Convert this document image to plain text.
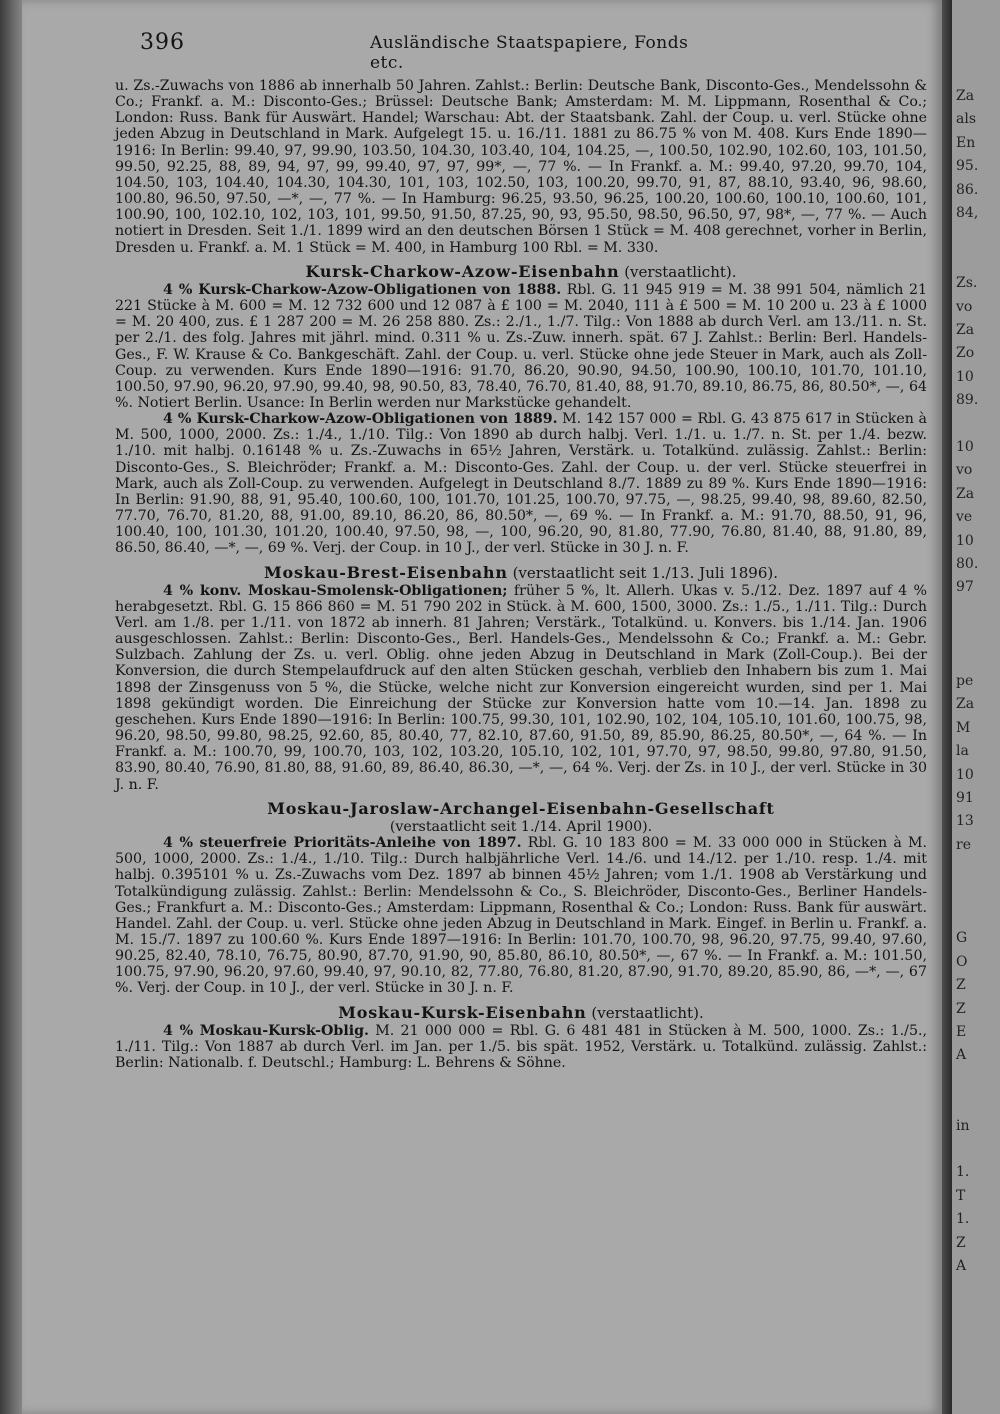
396	Ausländische Staatspapiere, Fonds etc.

u. Zs.-Zuwachs von 1886 ab innerhalb 50 Jahren. Zahlst.: Berlin: Deutsche Bank, Disconto-Ges., Mendelssohn & Co.; Frankf. a. M.: Disconto-Ges.; Brüssel: Deutsche Bank; Amsterdam: M. M. Lippmann, Rosenthal & Co.; London: Russ. Bank für Auswärt. Handel; Warschau: Abt. der Staatsbank. Zahl. der Coup. u. verl. Stücke ohne jeden Abzug in Deutschland in Mark. Aufgelegt 15. u. 16./11. 1881 zu 86.75 % von M. 408. Kurs Ende 1890—1916: In Berlin: 99.40, 97, 99.90, 103.50, 104.30, 103.40, 104, 104.25, —, 100.50, 102.90, 102.60, 103, 101.50, 99.50, 92.25, 88, 89, 94, 97, 99, 99.40, 97, 97, 99*, —, 77 %. — In Frankf. a. M.: 99.40, 97.20, 99.70, 104, 104.50, 103, 104.40, 104.30, 104.30, 101, 103, 102.50, 103, 100.20, 99.70, 91, 87, 88.10, 93.40, 96, 98.60, 100.80, 96.50, 97.50, —*, —, 77 %. — In Hamburg: 96.25, 93.50, 96.25, 100.20, 100.60, 100.10, 100.60, 101, 100.90, 100, 102.10, 102, 103, 101, 99.50, 91.50, 87.25, 90, 93, 95.50, 98.50, 96.50, 97, 98*, —, 77 %. — Auch notiert in Dresden. Seit 1./1. 1899 wird an den deutschen Börsen 1 Stück = M. 408 gerechnet, vorher in Berlin, Dresden u. Frankf. a. M. 1 Stück = M. 400, in Hamburg 100 Rbl. = M. 330.

Kursk-Charkow-Azow-Eisenbahn (verstaatlicht).

4 % Kursk-Charkow-Azow-Obligationen von 1888. Rbl. G. 11 945 919 = M. 38 991 504, nämlich 21 221 Stücke à M. 600 = M. 12 732 600 und 12 087 à £ 100 = M. 2040, 111 à £ 500 = M. 10 200 u. 23 à £ 1000 = M. 20 400, zus. £ 1 287 200 = M. 26 258 880. Zs.: 2./1., 1./7. Tilg.: Von 1888 ab durch Verl. am 13./11. n. St. per 2./1. des folg. Jahres mit jährl. mind. 0.311 % u. Zs.-Zuw. innerh. spät. 67 J. Zahlst.: Berlin: Berl. Handels-Ges., F. W. Krause & Co. Bankgeschäft. Zahl. der Coup. u. verl. Stücke ohne jede Steuer in Mark, auch als Zoll-Coup. zu verwenden. Kurs Ende 1890—1916: 91.70, 86.20, 90.90, 94.50, 100.90, 100.10, 101.70, 101.10, 100.50, 97.90, 96.20, 97.90, 99.40, 98, 90.50, 83, 78.40, 76.70, 81.40, 88, 91.70, 89.10, 86.75, 86, 80.50*, —, 64 %. Notiert Berlin. Usance: In Berlin werden nur Markstücke gehandelt.

4 % Kursk-Charkow-Azow-Obligationen von 1889. M. 142 157 000 = Rbl. G. 43 875 617 in Stücken à M. 500, 1000, 2000. Zs.: 1./4., 1./10. Tilg.: Von 1890 ab durch halbj. Verl. 1./1. u. 1./7. n. St. per 1./4. bezw. 1./10. mit halbj. 0.16148 % u. Zs.-Zuwachs in 65½ Jahren, Verstärk. u. Totalkünd. zulässig. Zahlst.: Berlin: Disconto-Ges., S. Bleichröder; Frankf. a. M.: Disconto-Ges. Zahl. der Coup. u. der verl. Stücke steuerfrei in Mark, auch als Zoll-Coup. zu verwenden. Aufgelegt in Deutschland 8./7. 1889 zu 89 %. Kurs Ende 1890—1916: In Berlin: 91.90, 88, 91, 95.40, 100.60, 100, 101.70, 101.25, 100.70, 97.75, —, 98.25, 99.40, 98, 89.60, 82.50, 77.70, 76.70, 81.20, 88, 91.00, 89.10, 86.20, 86, 80.50*, —, 69 %. — In Frankf. a. M.: 91.70, 88.50, 91, 96, 100.40, 100, 101.30, 101.20, 100.40, 97.50, 98, —, 100, 96.20, 90, 81.80, 77.90, 76.80, 81.40, 88, 91.80, 89, 86.50, 86.40, —*, —, 69 %. Verj. der Coup. in 10 J., der verl. Stücke in 30 J. n. F.

Moskau-Brest-Eisenbahn (verstaatlicht seit 1./13. Juli 1896).

4 % konv. Moskau-Smolensk-Obligationen; früher 5 %, lt. Allerh. Ukas v. 5./12. Dez. 1897 auf 4 % herabgesetzt. Rbl. G. 15 866 860 = M. 51 790 202 in Stück. à M. 600, 1500, 3000. Zs.: 1./5., 1./11. Tilg.: Durch Verl. am 1./8. per 1./11. von 1872 ab innerh. 81 Jahren; Verstärk., Totalkünd. u. Konvers. bis 1./14. Jan. 1906 ausgeschlossen. Zahlst.: Berlin: Disconto-Ges., Berl. Handels-Ges., Mendelssohn & Co.; Frankf. a. M.: Gebr. Sulzbach. Zahlung der Zs. u. verl. Oblig. ohne jeden Abzug in Deutschland in Mark (Zoll-Coup.). Bei der Konversion, die durch Stempelaufdruck auf den alten Stücken geschah, verblieb den Inhabern bis zum 1. Mai 1898 der Zinsgenuss von 5 %, die Stücke, welche nicht zur Konversion eingereicht wurden, sind per 1. Mai 1898 gekündigt worden. Die Einreichung der Stücke zur Konversion hatte vom 10.—14. Jan. 1898 zu geschehen. Kurs Ende 1890—1916: In Berlin: 100.75, 99.30, 101, 102.90, 102, 104, 105.10, 101.60, 100.75, 98, 96.20, 98.50, 99.80, 98.25, 92.60, 85, 80.40, 77, 82.10, 87.60, 91.50, 89, 85.90, 86.25, 80.50*, —, 64 %. — In Frankf. a. M.: 100.70, 99, 100.70, 103, 102, 103.20, 105.10, 102, 101, 97.70, 97, 98.50, 99.80, 97.80, 91.50, 83.90, 80.40, 76.90, 81.80, 88, 91.60, 89, 86.40, 86.30, —*, —, 64 %. Verj. der Zs. in 10 J., der verl. Stücke in 30 J. n. F.

Moskau-Jaroslaw-Archangel-Eisenbahn-Gesellschaft
(verstaatlicht seit 1./14. April 1900).

4 % steuerfreie Prioritäts-Anleihe von 1897. Rbl. G. 10 183 800 = M. 33 000 000 in Stücken à M. 500, 1000, 2000. Zs.: 1./4., 1./10. Tilg.: Durch halbjährliche Verl. 14./6. und 14./12. per 1./10. resp. 1./4. mit halbj. 0.395101 % u. Zs.-Zuwachs vom Dez. 1897 ab binnen 45½ Jahren; vom 1./1. 1908 ab Verstärkung und Totalkündigung zulässig. Zahlst.: Berlin: Mendelssohn & Co., S. Bleichröder, Disconto-Ges., Berliner Handels-Ges.; Frankfurt a. M.: Disconto-Ges.; Amsterdam: Lippmann, Rosenthal & Co.; London: Russ. Bank für auswärt. Handel. Zahl. der Coup. u. verl. Stücke ohne jeden Abzug in Deutschland in Mark. Eingef. in Berlin u. Frankf. a. M. 15./7. 1897 zu 100.60 %. Kurs Ende 1897—1916: In Berlin: 101.70, 100.70, 98, 96.20, 97.75, 99.40, 97.60, 90.25, 82.40, 78.10, 76.75, 80.90, 87.70, 91.90, 90, 85.80, 86.10, 80.50*, —, 67 %. — In Frankf. a. M.: 101.50, 100.75, 97.90, 96.20, 97.60, 99.40, 97, 90.10, 82, 77.80, 76.80, 81.20, 87.90, 91.70, 89.20, 85.90, 86, —*, —, 67 %. Verj. der Coup. in 10 J., der verl. Stücke in 30 J. n. F.

Moskau-Kursk-Eisenbahn (verstaatlicht).

4 % Moskau-Kursk-Oblig. M. 21 000 000 = Rbl. G. 6 481 481 in Stücken à M. 500, 1000. Zs.: 1./5., 1./11. Tilg.: Von 1887 ab durch Verl. im Jan. per 1./5. bis spät. 1952, Verstärk. u. Totalkünd. zulässig. Zahlst.: Berlin: Nationalb. f. Deutschl.; Hamburg: L. Behrens & Söhne.

Za
als
En
95.
86.
84,
Zs.
vo
Za
Zo
10
89.
10
vo
Za
ve
10
80.
97
pe
Za
M
la
10
91
13
re
G
O
Z
Z
E
A
in
1.
T
1.
Z
A
